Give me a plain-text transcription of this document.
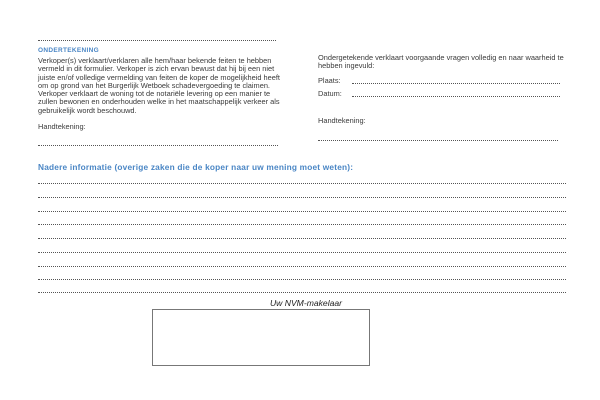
ONDERTEKENING
Verkoper(s) verklaart/verklaren alle hem/haar bekende feiten te hebben vermeld in dit formulier. Verkoper is zich ervan bewust dat hij bij een niet juiste en/of volledige vermelding van feiten de koper de mogelijkheid heeft om op grond van het Burgerlijk Wetboek schadevergoeding te claimen. Verkoper verklaart de woning tot de notariële levering op een manier te zullen bewonen en onderhouden welke in het maatschappelijk verkeer als gebruikelijk wordt beschouwd.
Handtekening:
Ondergetekende verklaart voorgaande vragen volledig en naar waarheid te hebben ingevuld:
Plaats:
Datum:
Handtekening:
Nadere informatie (overige zaken die de koper naar uw mening moet weten):
Uw NVM-makelaar
